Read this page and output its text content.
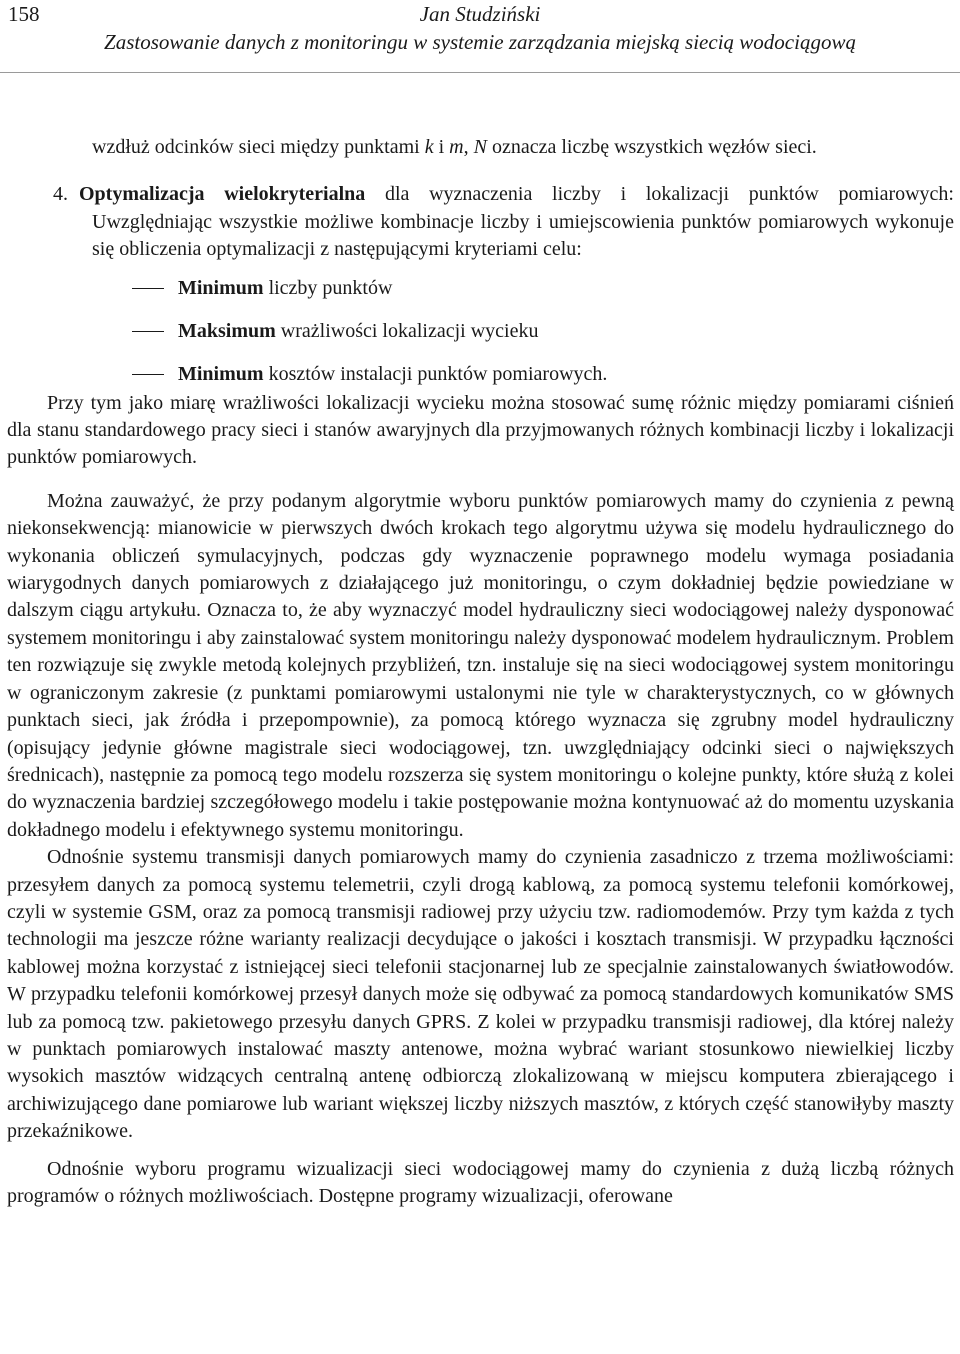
158	Jan Studziński
Zastosowanie danych z monitoringu w systemie zarządzania miejską siecią wodociągową

wzdłuż odcinków sieci między punktami k i m, N oznacza liczbę wszystkich węzłów sieci.

4. Optymalizacja wielokryterialna dla wyznaczenia liczby i lokalizacji punktów pomiarowych: Uwzględniając wszystkie możliwe kombinacje liczby i umiejscowienia punktów pomiarowych wykonuje się obliczenia optymalizacji z następującymi kryteriami celu:

Minimum liczby punktów
Maksimum wrażliwości lokalizacji wycieku
Minimum kosztów instalacji punktów pomiarowych.

Przy tym jako miarę wrażliwości lokalizacji wycieku można stosować sumę różnic między pomiarami ciśnień dla stanu standardowego pracy sieci i stanów awaryjnych dla przyjmowanych różnych kombinacji liczby i lokalizacji punktów pomiarowych.

Można zauważyć, że przy podanym algorytmie wyboru punktów pomiarowych mamy do czynienia z pewną niekonsekwencją: mianowicie w pierwszych dwóch krokach tego algorytmu używa się modelu hydraulicznego do wykonania obliczeń symulacyjnych, podczas gdy wyznaczenie poprawnego modelu wymaga posiadania wiarygodnych danych pomiarowych z działającego już monitoringu, o czym dokładniej będzie powiedziane w dalszym ciągu artykułu. Oznacza to, że aby wyznaczyć model hydrauliczny sieci wodociągowej należy dysponować systemem monitoringu i aby zainstalować system monitoringu należy dysponować modelem hydraulicznym. Problem ten rozwiązuje się zwykle metodą kolejnych przybliżeń, tzn. instaluje się na sieci wodociągowej system monitoringu w ograniczonym zakresie (z punktami pomiarowymi ustalonymi nie tyle w charakterystycznych, co w głównych punktach sieci, jak źródła i przepompownie), za pomocą którego wyznacza się zgrubny model hydrauliczny (opisujący jedynie główne magistrale sieci wodociągowej, tzn. uwzględniający odcinki sieci o największych średnicach), następnie za pomocą tego modelu rozszerza się system monitoringu o kolejne punkty, które służą z kolei do wyznaczenia bardziej szczegółowego modelu i takie postępowanie można kontynuować aż do momentu uzyskania dokładnego modelu i efektywnego systemu monitoringu.

Odnośnie systemu transmisji danych pomiarowych mamy do czynienia zasadniczo z trzema możliwościami: przesyłem danych za pomocą systemu telemetrii, czyli drogą kablową, za pomocą systemu telefonii komórkowej, czyli w systemie GSM, oraz za pomocą transmisji radiowej przy użyciu tzw. radiomodemów. Przy tym każda z tych technologii ma jeszcze różne warianty realizacji decydujące o jakości i kosztach transmisji. W przypadku łączności kablowej można korzystać z istniejącej sieci telefonii stacjonarnej lub ze specjalnie zainstalowanych światłowodów. W przypadku telefonii komórkowej przesył danych może się odbywać za pomocą standardowych komunikatów SMS lub za pomocą tzw. pakietowego przesyłu danych GPRS. Z kolei w przypadku transmisji radiowej, dla której należy w punktach pomiarowych instalować maszty antenowe, można wybrać wariant stosunkowo niewielkiej liczby wysokich masztów widzących centralną antenę odbiorczą zlokalizowaną w miejscu komputera zbierającego i archiwizującego dane pomiarowe lub wariant większej liczby niższych masztów, z których część stanowiłyby maszty przekaźnikowe.

Odnośnie wyboru programu wizualizacji sieci wodociągowej mamy do czynienia z dużą liczbą różnych programów o różnych możliwościach. Dostępne programy wizualizacji, oferowane
